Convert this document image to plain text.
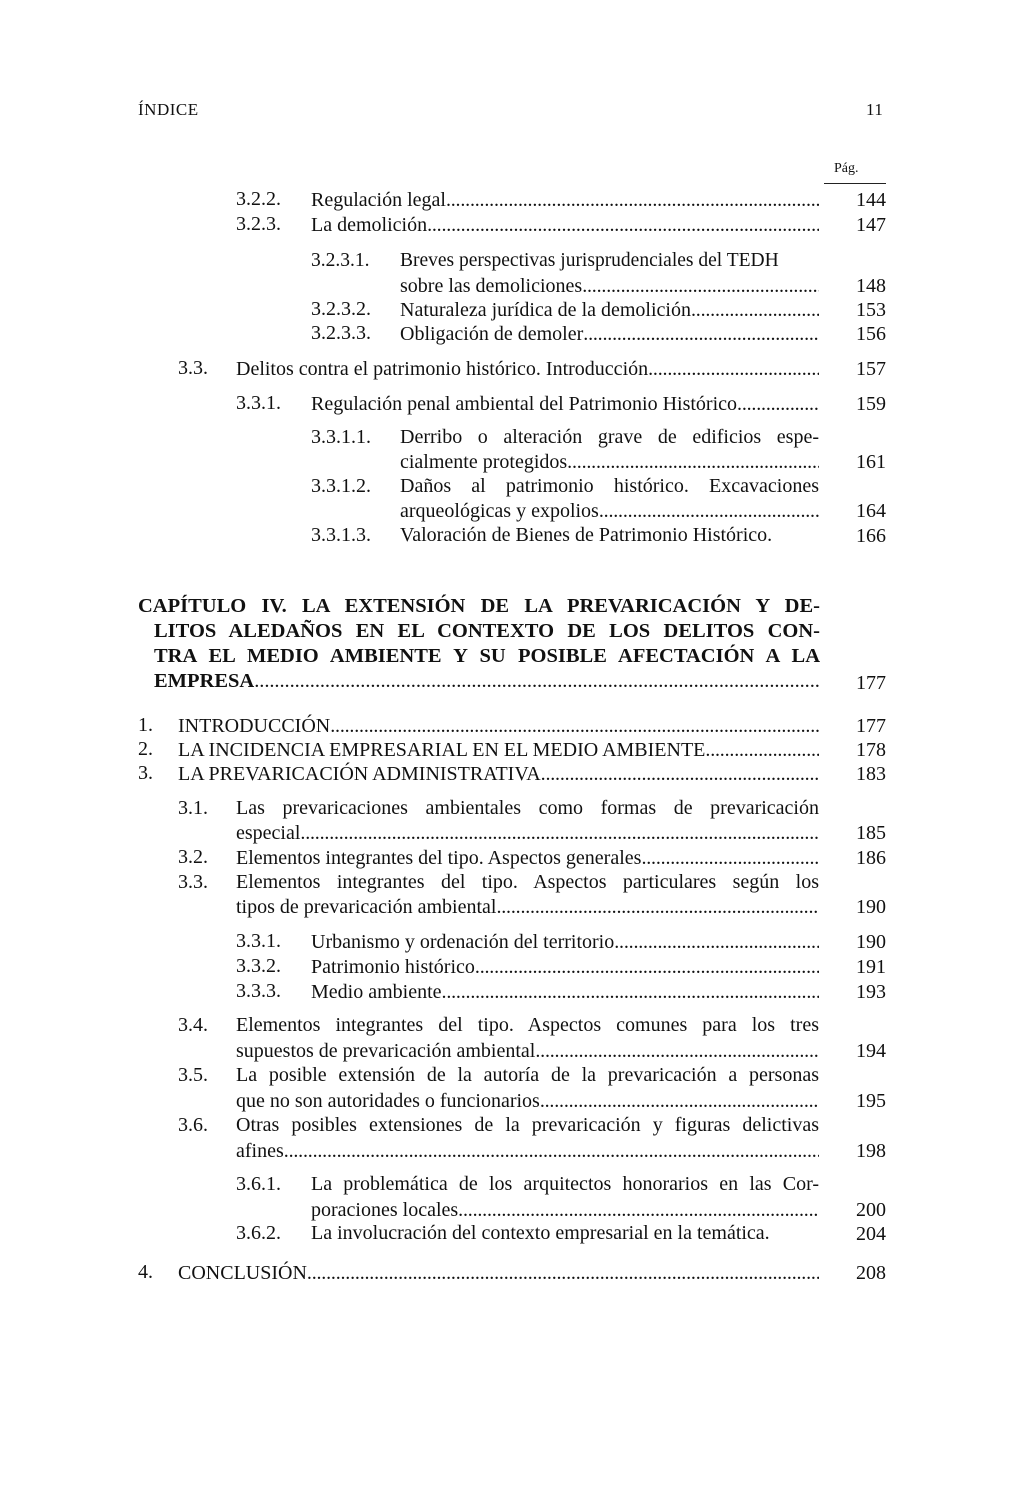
ÍNDICE	11
Pág.
3.2.2. Regulación legal . . .	144
3.2.3. La demolición . . .	147
3.2.3.1. Breves perspectivas jurisprudenciales del TEDH
sobre las demoliciones . . .	148
3.2.3.2. Naturaleza jurídica de la demolición . . .	153
3.2.3.3. Obligación de demoler . . .	156
3.3. Delitos contra el patrimonio histórico. Introducción . . .	157
3.3.1. Regulación penal ambiental del Patrimonio Histórico . . .	159
3.3.1.1. Derribo o alteración grave de edificios espe-
cialmente protegidos . . .	161
3.3.1.2. Daños al patrimonio histórico. Excavaciones
arqueológicas y expolios . . .	164
3.3.1.3. Valoración de Bienes de Patrimonio Histórico.	166
CAPÍTULO IV. LA EXTENSIÓN DE LA PREVARICACIÓN Y DE-
LITOS ALEDAÑOS EN EL CONTEXTO DE LOS DELITOS CON-
TRA EL MEDIO AMBIENTE Y SU POSIBLE AFECTACIÓN A LA
EMPRESA . . .	177
1. INTRODUCCIÓN . . .	177
2. LA INCIDENCIA EMPRESARIAL EN EL MEDIO AMBIENTE . . .	178
3. LA PREVARICACIÓN ADMINISTRATIVA . . .	183
3.1. Las prevaricaciones ambientales como formas de prevaricación
especial . . .	185
3.2. Elementos integrantes del tipo. Aspectos generales . . .	186
3.3. Elementos integrantes del tipo. Aspectos particulares según los
tipos de prevaricación ambiental . . .	190
3.3.1. Urbanismo y ordenación del territorio . . .	190
3.3.2. Patrimonio histórico . . .	191
3.3.3. Medio ambiente . . .	193
3.4. Elementos integrantes del tipo. Aspectos comunes para los tres
supuestos de prevaricación ambiental . . .	194
3.5. La posible extensión de la autoría de la prevaricación a personas
que no son autoridades o funcionarios . . .	195
3.6. Otras posibles extensiones de la prevaricación y figuras delictivas
afines . . .	198
3.6.1. La problemática de los arquitectos honorarios en las Cor-
poraciones locales . . .	200
3.6.2. La involucración del contexto empresarial en la temática.	204
4. CONCLUSIÓN . . .	208
